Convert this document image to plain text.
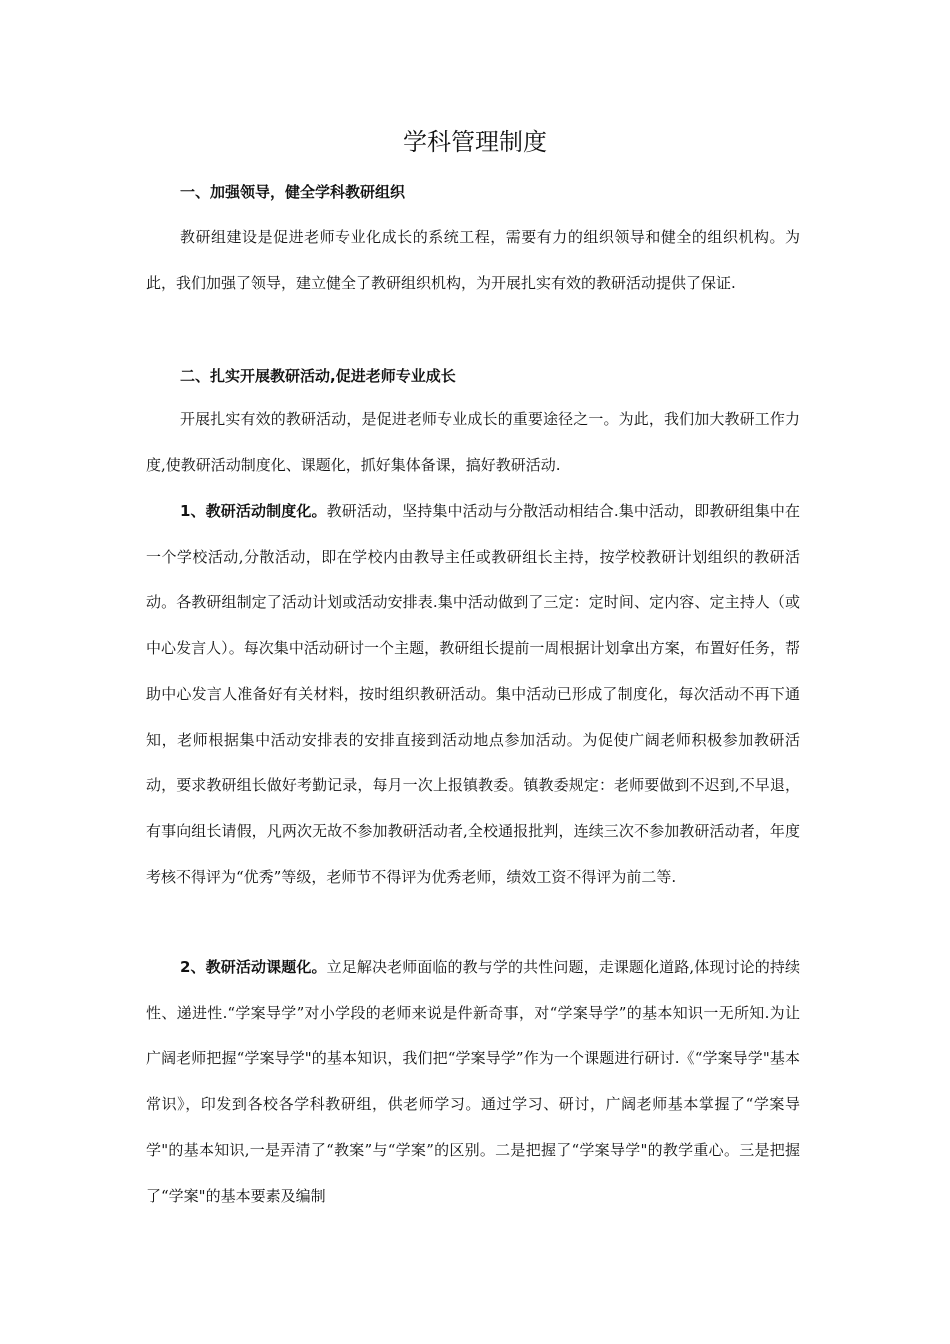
学科管理制度
一、加强领导，健全学科教研组织

教研组建设是促进老师专业化成长的系统工程，需要有力的组织领导和健全的组织机构。为此，我们加强了领导，建立健全了教研组织机构，为开展扎实有效的教研活动提供了保证.

二、扎实开展教研活动,促进老师专业成长

开展扎实有效的教研活动，是促进老师专业成长的重要途径之一。为此，我们加大教研工作力度,使教研活动制度化、课题化，抓好集体备课，搞好教研活动.

1、教研活动制度化。教研活动，坚持集中活动与分散活动相结合.集中活动，即教研组集中在一个学校活动,分散活动，即在学校内由教导主任或教研组长主持，按学校教研计划组织的教研活动。各教研组制定了活动计划或活动安排表.集中活动做到了三定：定时间、定内容、定主持人（或中心发言人）。每次集中活动研讨一个主题，教研组长提前一周根据计划拿出方案，布置好任务，帮助中心发言人准备好有关材料，按时组织教研活动。集中活动已形成了制度化，每次活动不再下通知，老师根据集中活动安排表的安排直接到活动地点参加活动。为促使广阔老师积极参加教研活动，要求教研组长做好考勤记录，每月一次上报镇教委。镇教委规定：老师要做到不迟到,不早退，有事向组长请假，凡两次无故不参加教研活动者,全校通报批判，连续三次不参加教研活动者，年度考核不得评为“优秀”等级，老师节不得评为优秀老师，绩效工资不得评为前二等.

2、教研活动课题化。立足解决老师面临的教与学的共性问题，走课题化道路,体现讨论的持续性、递进性.“学案导学”对小学段的老师来说是件新奇事，对“学案导学”的基本知识一无所知.为让广阔老师把握“学案导学"的基本知识，我们把“学案导学”作为一个课题进行研讨.《“学案导学"基本常识》，印发到各校各学科教研组，供老师学习。通过学习、研讨，广阔老师基本掌握了“学案导学"的基本知识,一是弄清了“教案”与“学案”的区别。二是把握了“学案导学"的教学重心。三是把握了“学案"的基本要素及编制
